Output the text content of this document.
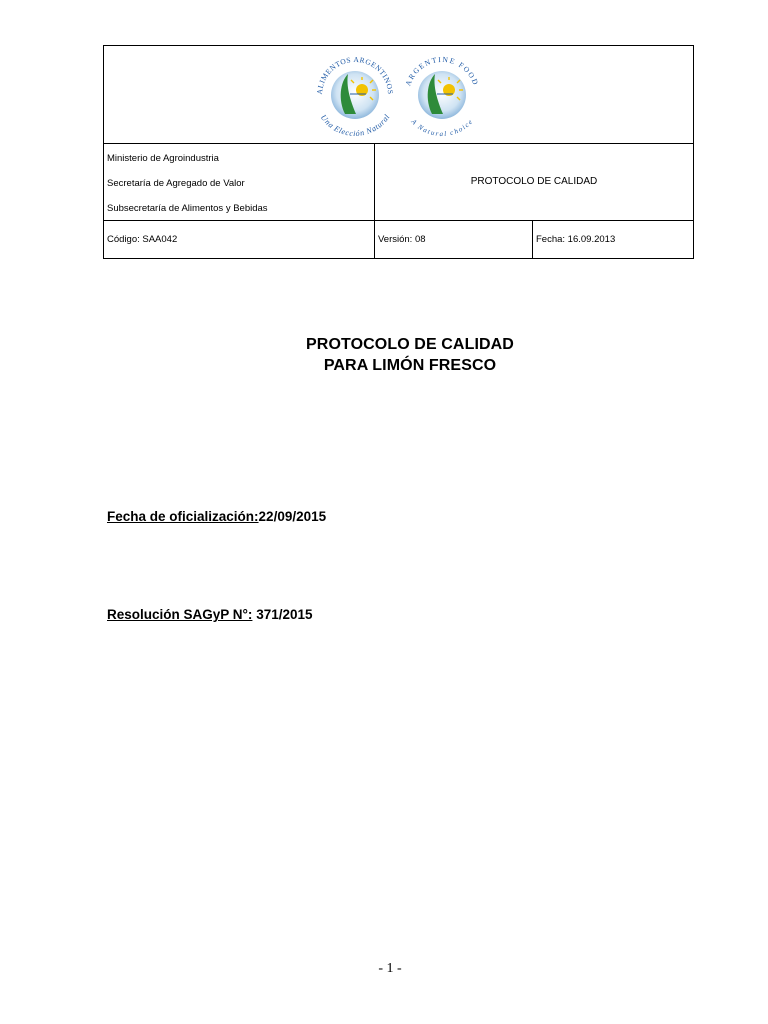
ALIMENTOS ARGENTINOS
Una Elección Natural
ARGENTINE FOOD
A Natural choice
Ministerio de Agroindustria
Secretaría de Agregado de Valor
Subsecretaría de Alimentos y Bebidas
PROTOCOLO DE CALIDAD
Código: SAA042	Versión: 08	Fecha: 16.09.2013
PROTOCOLO DE CALIDAD
PARA LIMÓN FRESCO
Fecha de oficialización:22/09/2015
Resolución SAGyP N°: 371/2015
- 1 -
